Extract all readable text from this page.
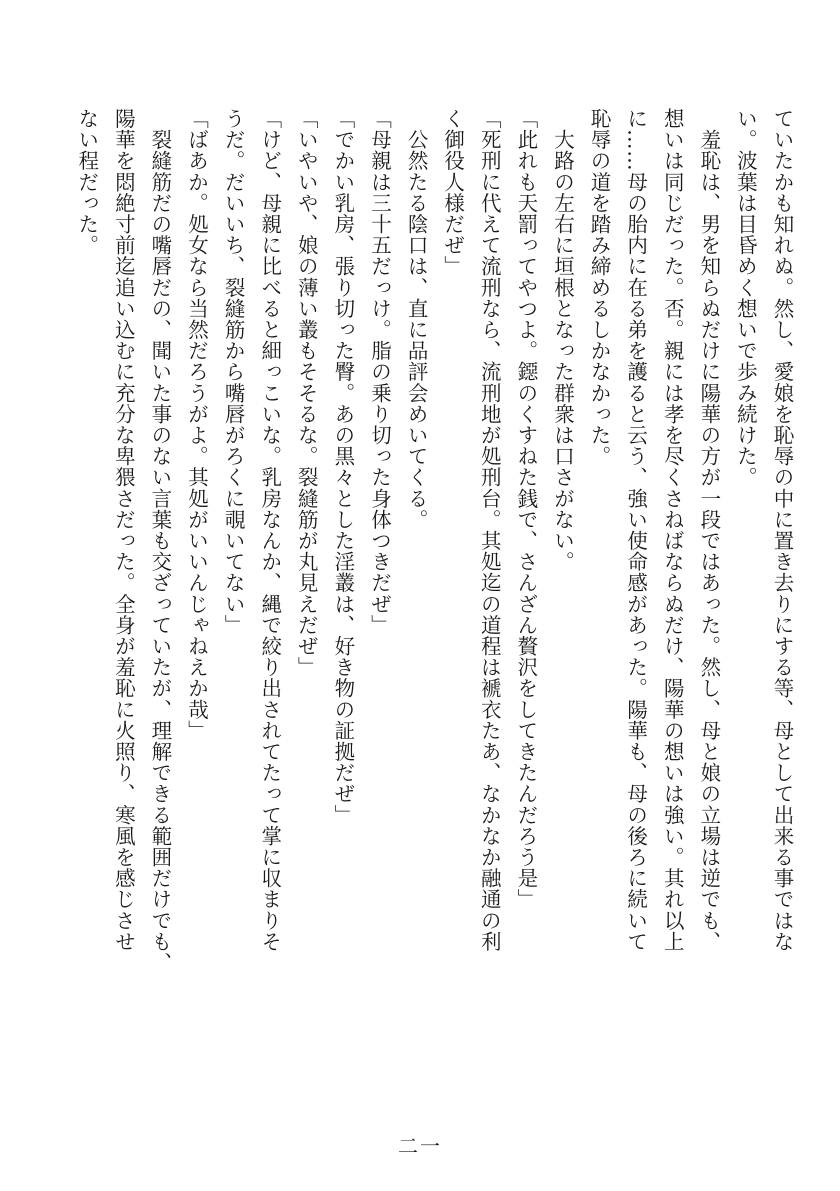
ていたかも知れぬ。然し、愛娘を恥辱の中に置き去りにする等、母として出来る事ではな
い。波葉は目昏めく想いで歩み続けた。
　羞恥は、男を知らぬだけに陽華の方が一段ではあった。然し、母と娘の立場は逆でも、
想いは同じだった。否。親には孝を尽くさねばならぬだけ、陽華の想いは強い。其れ以上
に……母の胎内に在る弟を護ると云う、強い使命感があった。陽華も、母の後ろに続いて
恥辱の道を踏み締めるしかなかった。
　大路の左右に垣根となった群衆は口さがない。
「此れも天罰ってやつよ。鐚のくすねた銭で、さんざん贅沢をしてきたんだろう是」
「死刑に代えて流刑なら、流刑地が処刑台。其処迄の道程は褫衣たあ、なかなか融通の利
く御役人様だぜ」
　公然たる陰口は、直に品評会めいてくる。
「母親は三十五だっけ。脂の乗り切った身体つきだぜ」
「でかい乳房、張り切った臀。あの黒々とした淫叢は、好き物の証拠だぜ」
「いやいや、娘の薄い叢もそそるな。裂縫筋が丸見えだぜ」
「けど、母親に比べると細っこいな。乳房なんか、縄で絞り出されてたって掌に収まりそ
うだ。だいいち、裂縫筋から嘴唇がろくに覗いてない」
「ばあか。処女なら当然だろうがよ。其処がいいんじゃねえか哉」
　裂縫筋だの嘴唇だの、聞いた事のない言葉も交ざっていたが、理解できる範囲だけでも、
陽華を悶絶寸前迄追い込むに充分な卑猥さだった。全身が羞恥に火照り、寒風を感じさせ
ない程だった。
二一
